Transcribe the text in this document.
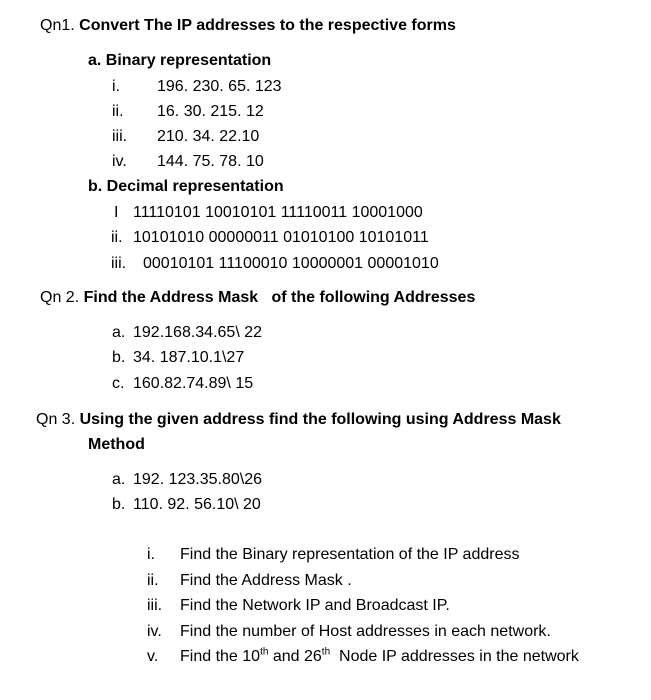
Qn1. Convert The IP addresses to the respective forms
a. Binary representation
i. 196. 230. 65. 123
ii. 16. 30. 215. 12
iii. 210. 34. 22.10
iv. 144. 75. 78. 10
b. Decimal representation
I 11110101 10010101 11110011 10001000
ii. 10101010 00000011 01010100 10101011
iii. 00010101 11100010 10000001 00001010
Qn 2. Find the Address Mask   of the following Addresses
a. 192.168.34.65\ 22
b. 34. 187.10.1\27
c. 160.82.74.89\ 15
Qn 3. Using the given address find the following using Address Mask
Method
a. 192. 123.35.80\26
b. 110. 92. 56.10\ 20
i. Find the Binary representation of the IP address
ii. Find the Address Mask .
iii. Find the Network IP and Broadcast IP.
iv. Find the number of Host addresses in each network.
v. Find the 10th and 26th  Node IP addresses in the network
